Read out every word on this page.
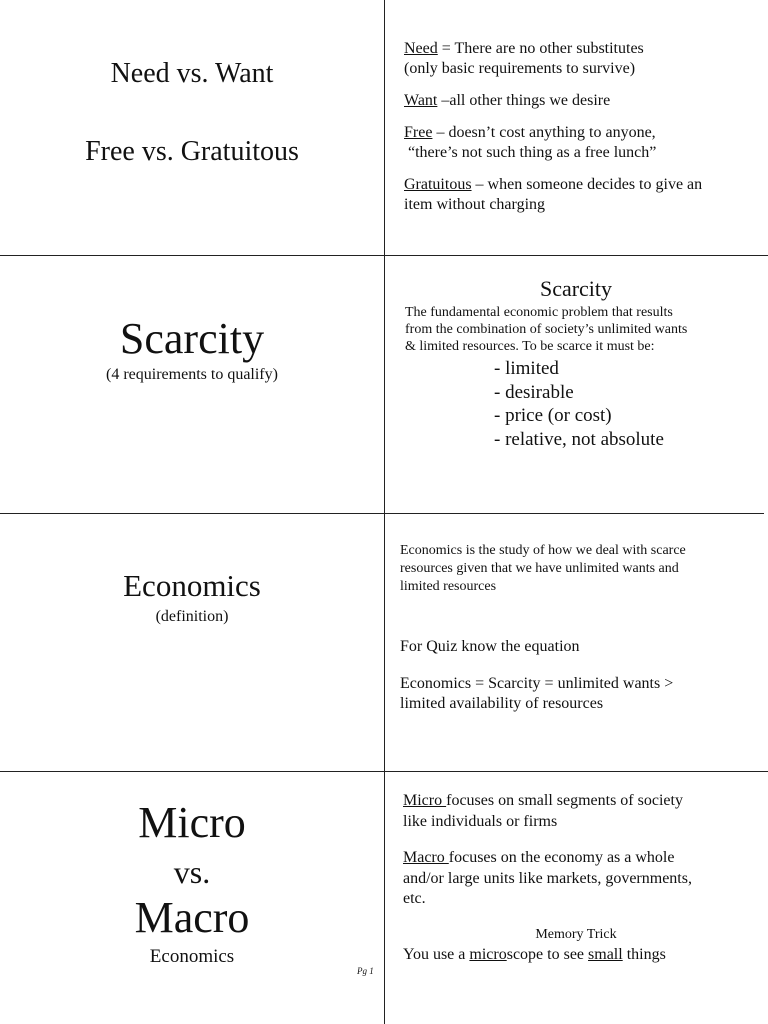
Need vs. Want
Free vs. Gratuitous

Need = There are no other substitutes

(only basic requirements to survive)

Want –all other things we desire

Free – doesn’t cost anything to anyone,

“there’s not such thing as a free lunch”

Gratuitous – when someone decides to give an

item without charging

Scarcity
(4 requirements to qualify)
Scarcity

The fundamental economic problem that results

from the combination of society’s unlimited wants

& limited resources. To be scarce it must be:

- limited

- desirable

- price (or cost)

- relative, not absolute

Economics
(definition)

Economics is the study of how we deal with scarce

resources given that we have unlimited wants and

limited resources

For Quiz know the equation

Economics = Scarcity = unlimited wants >

limited availability of resources

Micro
vs.
Macro
Economics
Pg 1

Micro focuses on small segments of society

like individuals or firms

Macro focuses on the economy as a whole

and/or large units like markets, governments,

etc.

Memory Trick
You use a microscope to see small things
